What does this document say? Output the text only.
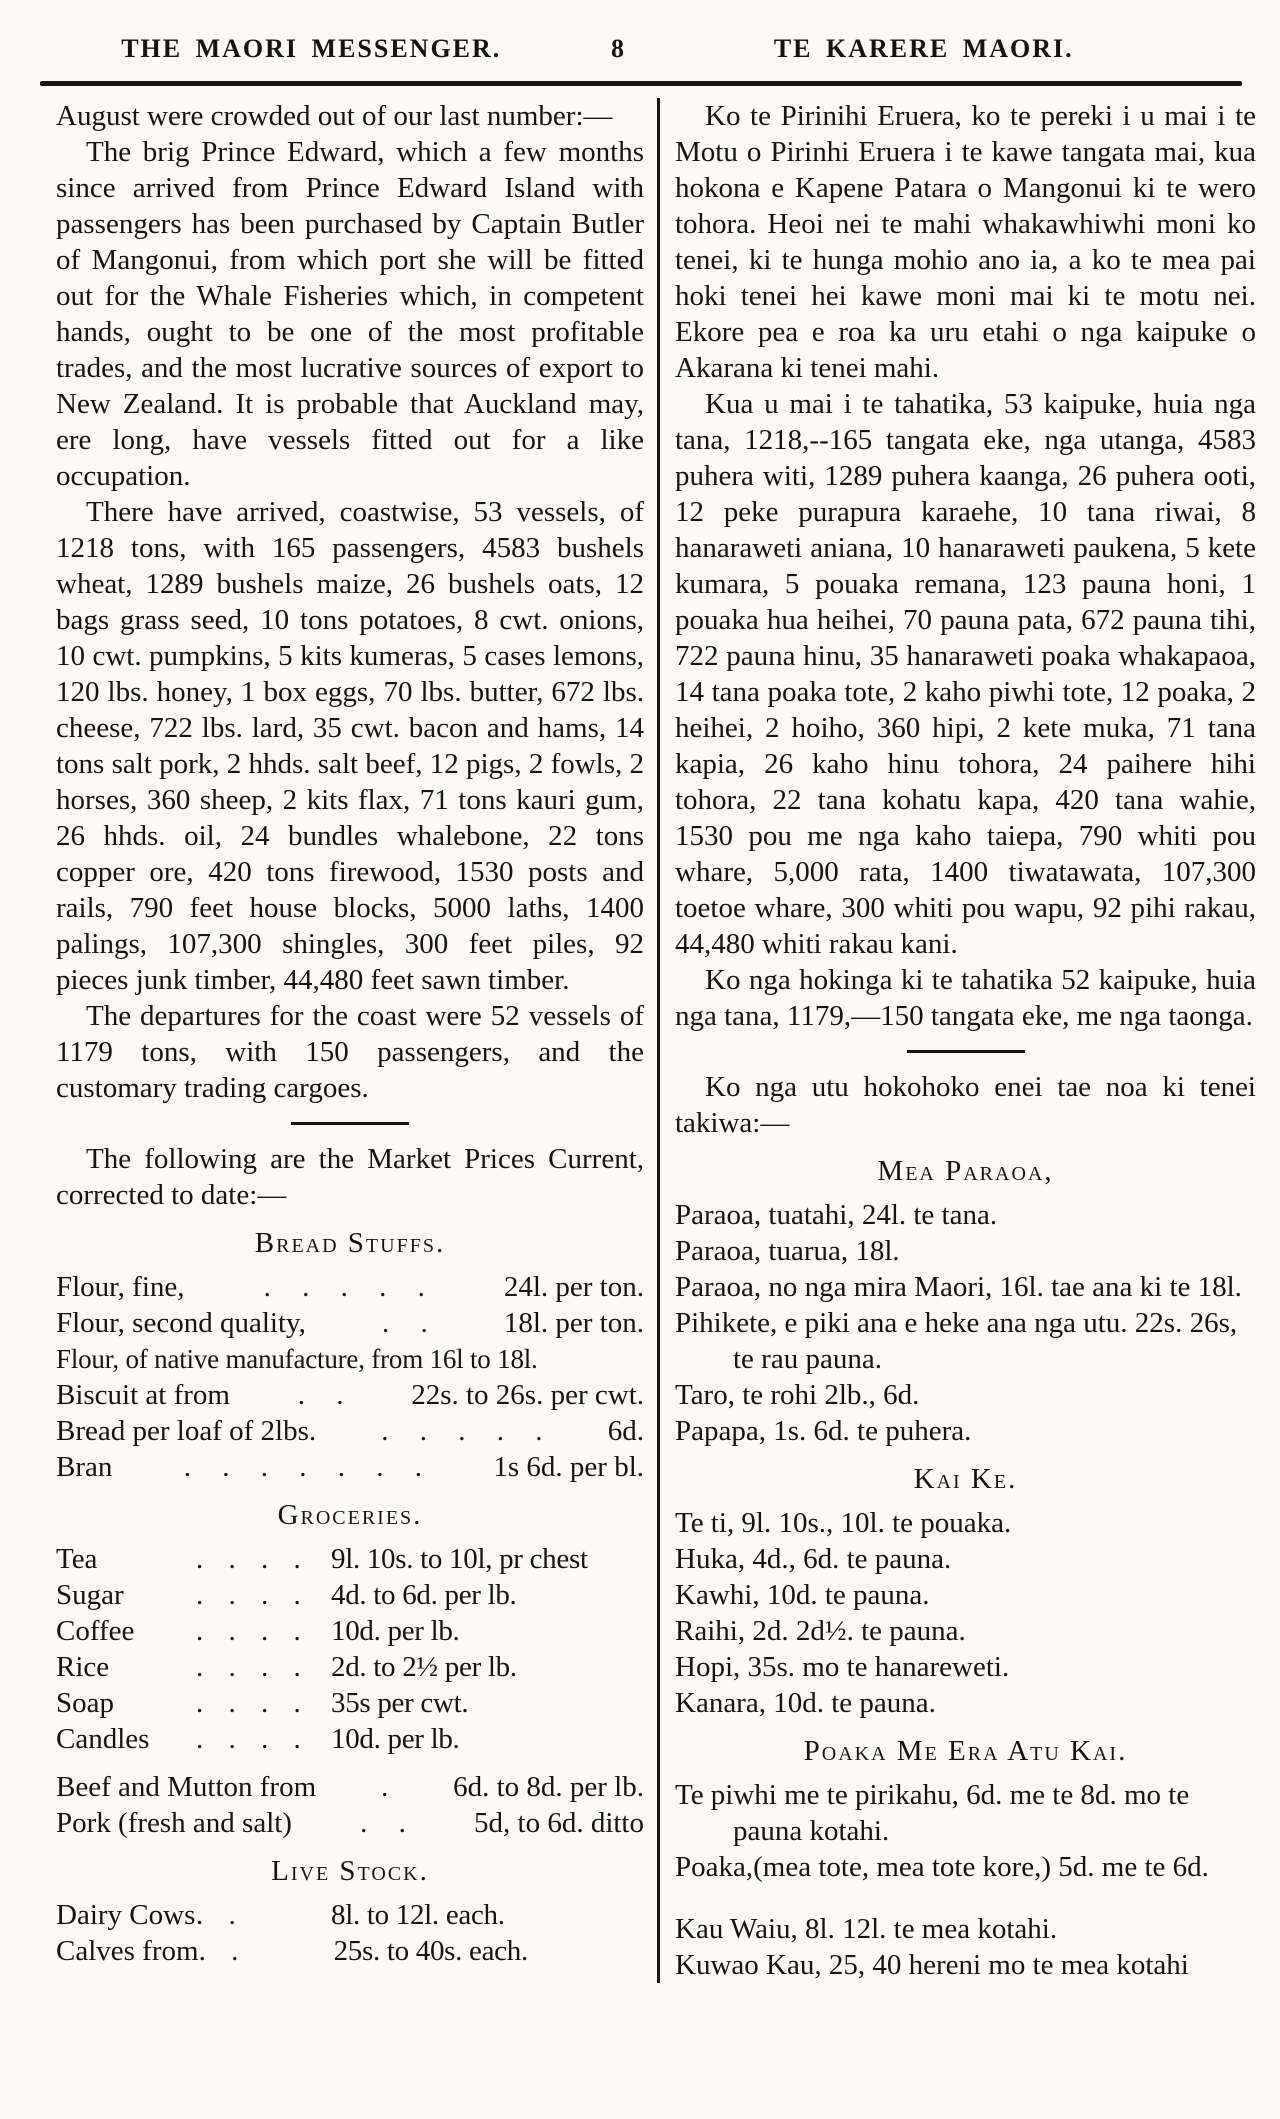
THE MAORI MESSENGER.	8	TE KARERE MAORI.

August were crowded out of our last number:—

The brig Prince Edward, which a few months since arrived from Prince Edward Island with passengers has been purchased by Captain Butler of Mangonui, from which port she will be fitted out for the Whale Fisheries which, in competent hands, ought to be one of the most profitable trades, and the most lucrative sources of export to New Zealand. It is probable that Auckland may, ere long, have vessels fitted out for a like occupation.

There have arrived, coastwise, 53 vessels, of 1218 tons, with 165 passengers, 4583 bushels wheat, 1289 bushels maize, 26 bushels oats, 12 bags grass seed, 10 tons potatoes, 8 cwt. onions, 10 cwt. pumpkins, 5 kits kumeras, 5 cases lemons, 120 lbs. honey, 1 box eggs, 70 lbs. butter, 672 lbs. cheese, 722 lbs. lard, 35 cwt. bacon and hams, 14 tons salt pork, 2 hhds. salt beef, 12 pigs, 2 fowls, 2 horses, 360 sheep, 2 kits flax, 71 tons kauri gum, 26 hhds. oil, 24 bundles whalebone, 22 tons copper ore, 420 tons firewood, 1530 posts and rails, 790 feet house blocks, 5000 laths, 1400 palings, 107,300 shingles, 300 feet piles, 92 pieces junk timber, 44,480 feet sawn timber.

The departures for the coast were 52 vessels of 1179 tons, with 150 passengers, and the customary trading cargoes.

The following are the Market Prices Current, corrected to date:—

Bread Stuffs.
Flour, fine,	. . . . .	24l. per ton.
Flour, second quality,	. .	18l. per ton.
Flour, of native manufacture, from 16l to 18l.
Biscuit at from	. .	22s. to 26s. per cwt.
Bread per loaf of 2lbs.	. . . . .	6d.
Bran	. . . . . . .	1s 6d. per bl.
Groceries.
Tea	. . . .	9l. 10s. to 10l, pr chest
Sugar	. . . .	4d. to 6d. per lb.
Coffee	. . . .	10d. per lb.
Rice	. . . .	2d. to 2½ per lb.
Soap	. . . .	35s per cwt.
Candles	. . . .	10d. per lb.
Beef and Mutton from	.	6d. to 8d. per lb.
Pork (fresh and salt)	. .	5d, to 6d. ditto
Live Stock.
Dairy Cows . .	8l. to 12l. each.
Calves from . .	25s. to 40s. each.

Ko te Pirinihi Eruera, ko te pereki i u mai i te Motu o Pirinhi Eruera i te kawe tangata mai, kua hokona e Kapene Patara o Mangonui ki te wero tohora. Heoi nei te mahi whakawhiwhi moni ko tenei, ki te hunga mohio ano ia, a ko te mea pai hoki tenei hei kawe moni mai ki te motu nei. Ekore pea e roa ka uru etahi o nga kaipuke o Akarana ki tenei mahi.

Kua u mai i te tahatika, 53 kaipuke, huia nga tana, 1218,--165 tangata eke, nga utanga, 4583 puhera witi, 1289 puhera kaanga, 26 puhera ooti, 12 peke purapura karaehe, 10 tana riwai, 8 hanaraweti aniana, 10 hanaraweti paukena, 5 kete kumara, 5 pouaka remana, 123 pauna honi, 1 pouaka hua heihei, 70 pauna pata, 672 pauna tihi, 722 pauna hinu, 35 hanaraweti poaka whakapaoa, 14 tana poaka tote, 2 kaho piwhi tote, 12 poaka, 2 heihei, 2 hoiho, 360 hipi, 2 kete muka, 71 tana kapia, 26 kaho hinu tohora, 24 paihere hihi tohora, 22 tana kohatu kapa, 420 tana wahie, 1530 pou me nga kaho taiepa, 790 whiti pou whare, 5,000 rata, 1400 tiwatawata, 107,300 toetoe whare, 300 whiti pou wapu, 92 pihi rakau, 44,480 whiti rakau kani.

Ko nga hokinga ki te tahatika 52 kaipuke, huia nga tana, 1179,—150 tangata eke, me nga taonga.

Ko nga utu hokohoko enei tae noa ki tenei takiwa:—

Mea Paraoa,

Paraoa, tuatahi, 24l. te tana.

Paraoa, tuarua, 18l.

Paraoa, no nga mira Maori, 16l. tae ana ki te 18l.

Pihikete, e piki ana e heke ana nga utu. 22s. 26s, te rau pauna.

Taro, te rohi 2lb., 6d.

Papapa, 1s. 6d. te puhera.

Kai Ke.

Te ti, 9l. 10s., 10l. te pouaka.

Huka, 4d., 6d. te pauna.

Kawhi, 10d. te pauna.

Raihi, 2d. 2d½. te pauna.

Hopi, 35s. mo te hanareweti.

Kanara, 10d. te pauna.

Poaka Me Era Atu Kai.

Te piwhi me te pirikahu, 6d. me te 8d. mo te pauna kotahi.

Poaka,(mea tote, mea tote kore,) 5d. me te 6d.

Kau Waiu, 8l. 12l. te mea kotahi.

Kuwao Kau, 25, 40 hereni mo te mea kotahi
